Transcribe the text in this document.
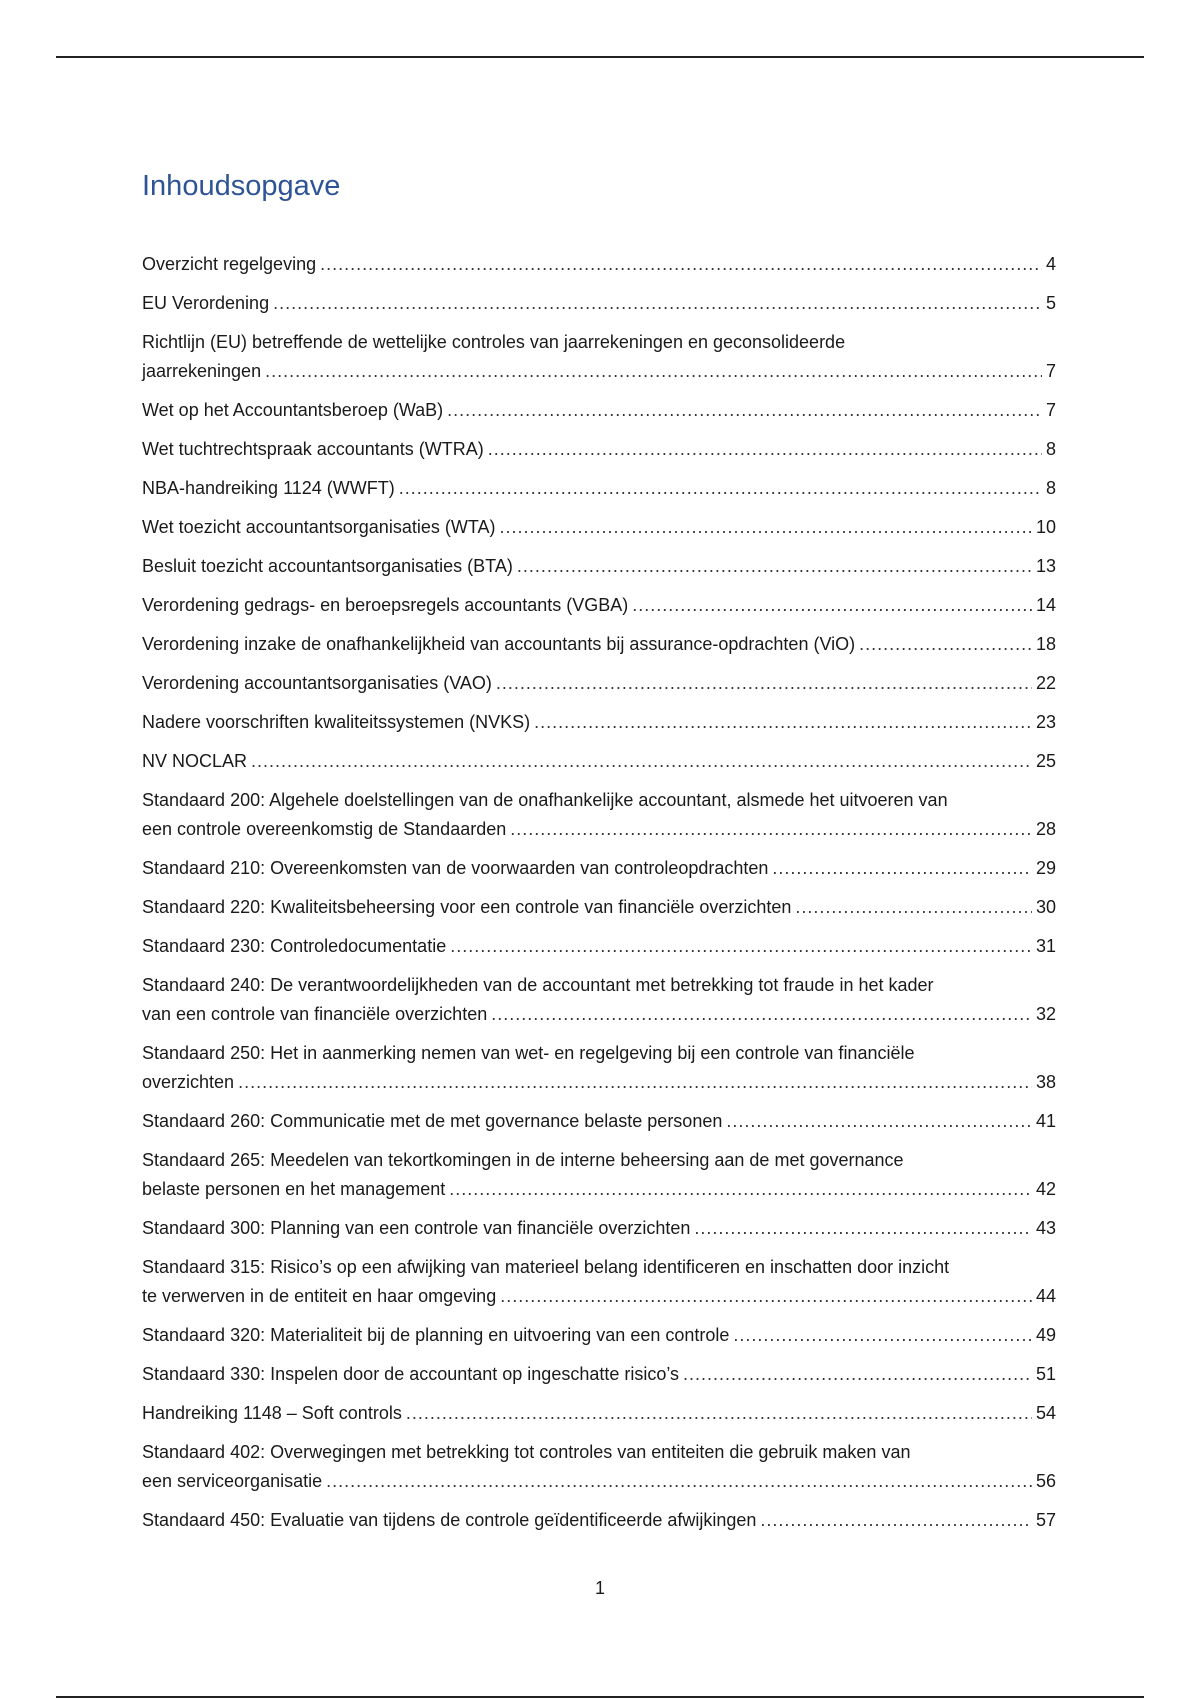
Inhoudsopgave
Overzicht regelgeving .....	4
EU Verordening .....	5
Richtlijn (EU) betreffende de wettelijke controles van jaarrekeningen en geconsolideerde
jaarrekeningen .....	7
Wet op het Accountantsberoep (WaB) .....	7
Wet tuchtrechtspraak accountants (WTRA) .....	8
NBA-handreiking 1124 (WWFT) .....	8
Wet toezicht accountantsorganisaties (WTA) .....	10
Besluit toezicht accountantsorganisaties (BTA) .....	13
Verordening gedrags- en beroepsregels accountants (VGBA) .....	14
Verordening inzake de onafhankelijkheid van accountants bij assurance-opdrachten (ViO) .....	18
Verordening accountantsorganisaties (VAO) .....	22
Nadere voorschriften kwaliteitssystemen (NVKS) .....	23
NV NOCLAR .....	25
Standaard 200: Algehele doelstellingen van de onafhankelijke accountant, alsmede het uitvoeren van
een controle overeenkomstig de Standaarden .....	28
Standaard 210: Overeenkomsten van de voorwaarden van controleopdrachten .....	29
Standaard 220: Kwaliteitsbeheersing voor een controle van financiële overzichten .....	30
Standaard 230: Controledocumentatie .....	31
Standaard 240: De verantwoordelijkheden van de accountant met betrekking tot fraude in het kader
van een controle van financiële overzichten .....	32
Standaard 250: Het in aanmerking nemen van wet- en regelgeving bij een controle van financiële
overzichten .....	38
Standaard 260: Communicatie met de met governance belaste personen .....	41
Standaard 265: Meedelen van tekortkomingen in de interne beheersing aan de met governance
belaste personen en het management .....	42
Standaard 300: Planning van een controle van financiële overzichten .....	43
Standaard 315: Risico’s op een afwijking van materieel belang identificeren en inschatten door inzicht
te verwerven in de entiteit en haar omgeving .....	44
Standaard 320: Materialiteit bij de planning en uitvoering van een controle .....	49
Standaard 330: Inspelen door de accountant op ingeschatte risico’s .....	51
Handreiking 1148 – Soft controls .....	54
Standaard 402: Overwegingen met betrekking tot controles van entiteiten die gebruik maken van
een serviceorganisatie .....	56
Standaard 450: Evaluatie van tijdens de controle geïdentificeerde afwijkingen .....	57
1
